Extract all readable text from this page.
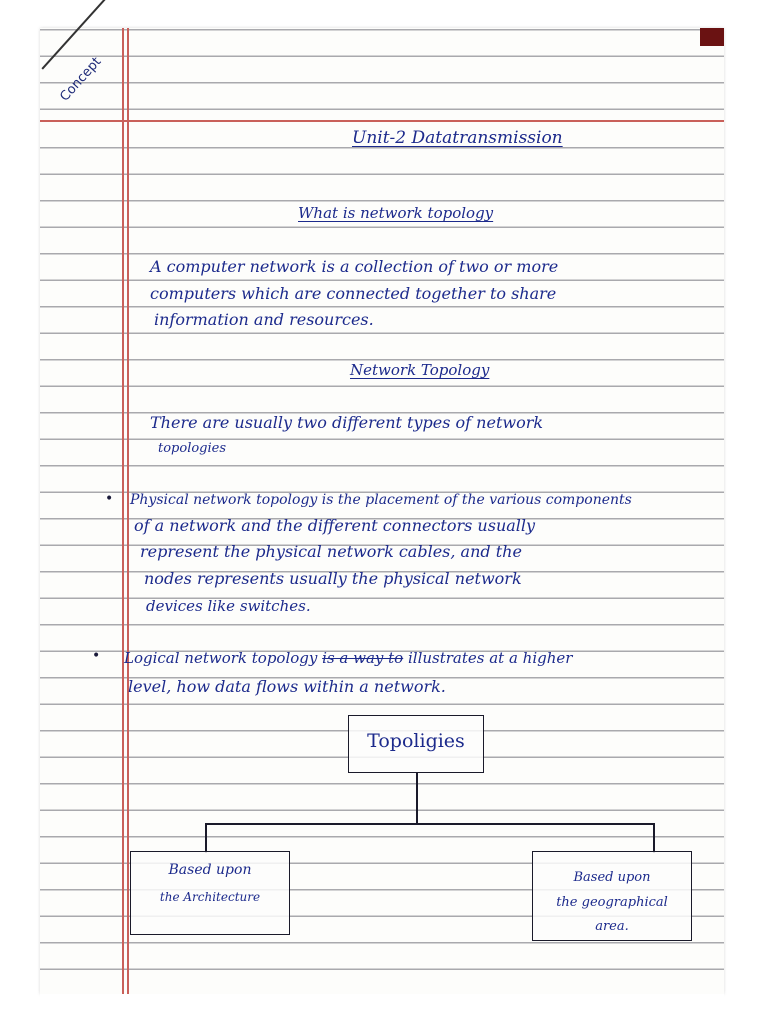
Concept
Unit-2 Datatransmission
What is network topology
A computer network is a collection of two or more
computers which are connected together to share
information and resources.
Network Topology
There are usually two different types of network
topologies
• Physical network topology is the placement of the various components
of a network and the different connectors usually
represent the physical network cables, and the
nodes represents usually the physical network
devices like switches.
• Logical network topology is a way to illustrates at a higher
level, how data flows within a network.
Topoligies
Based upon
the Architecture
Based upon
the geographical
area.
